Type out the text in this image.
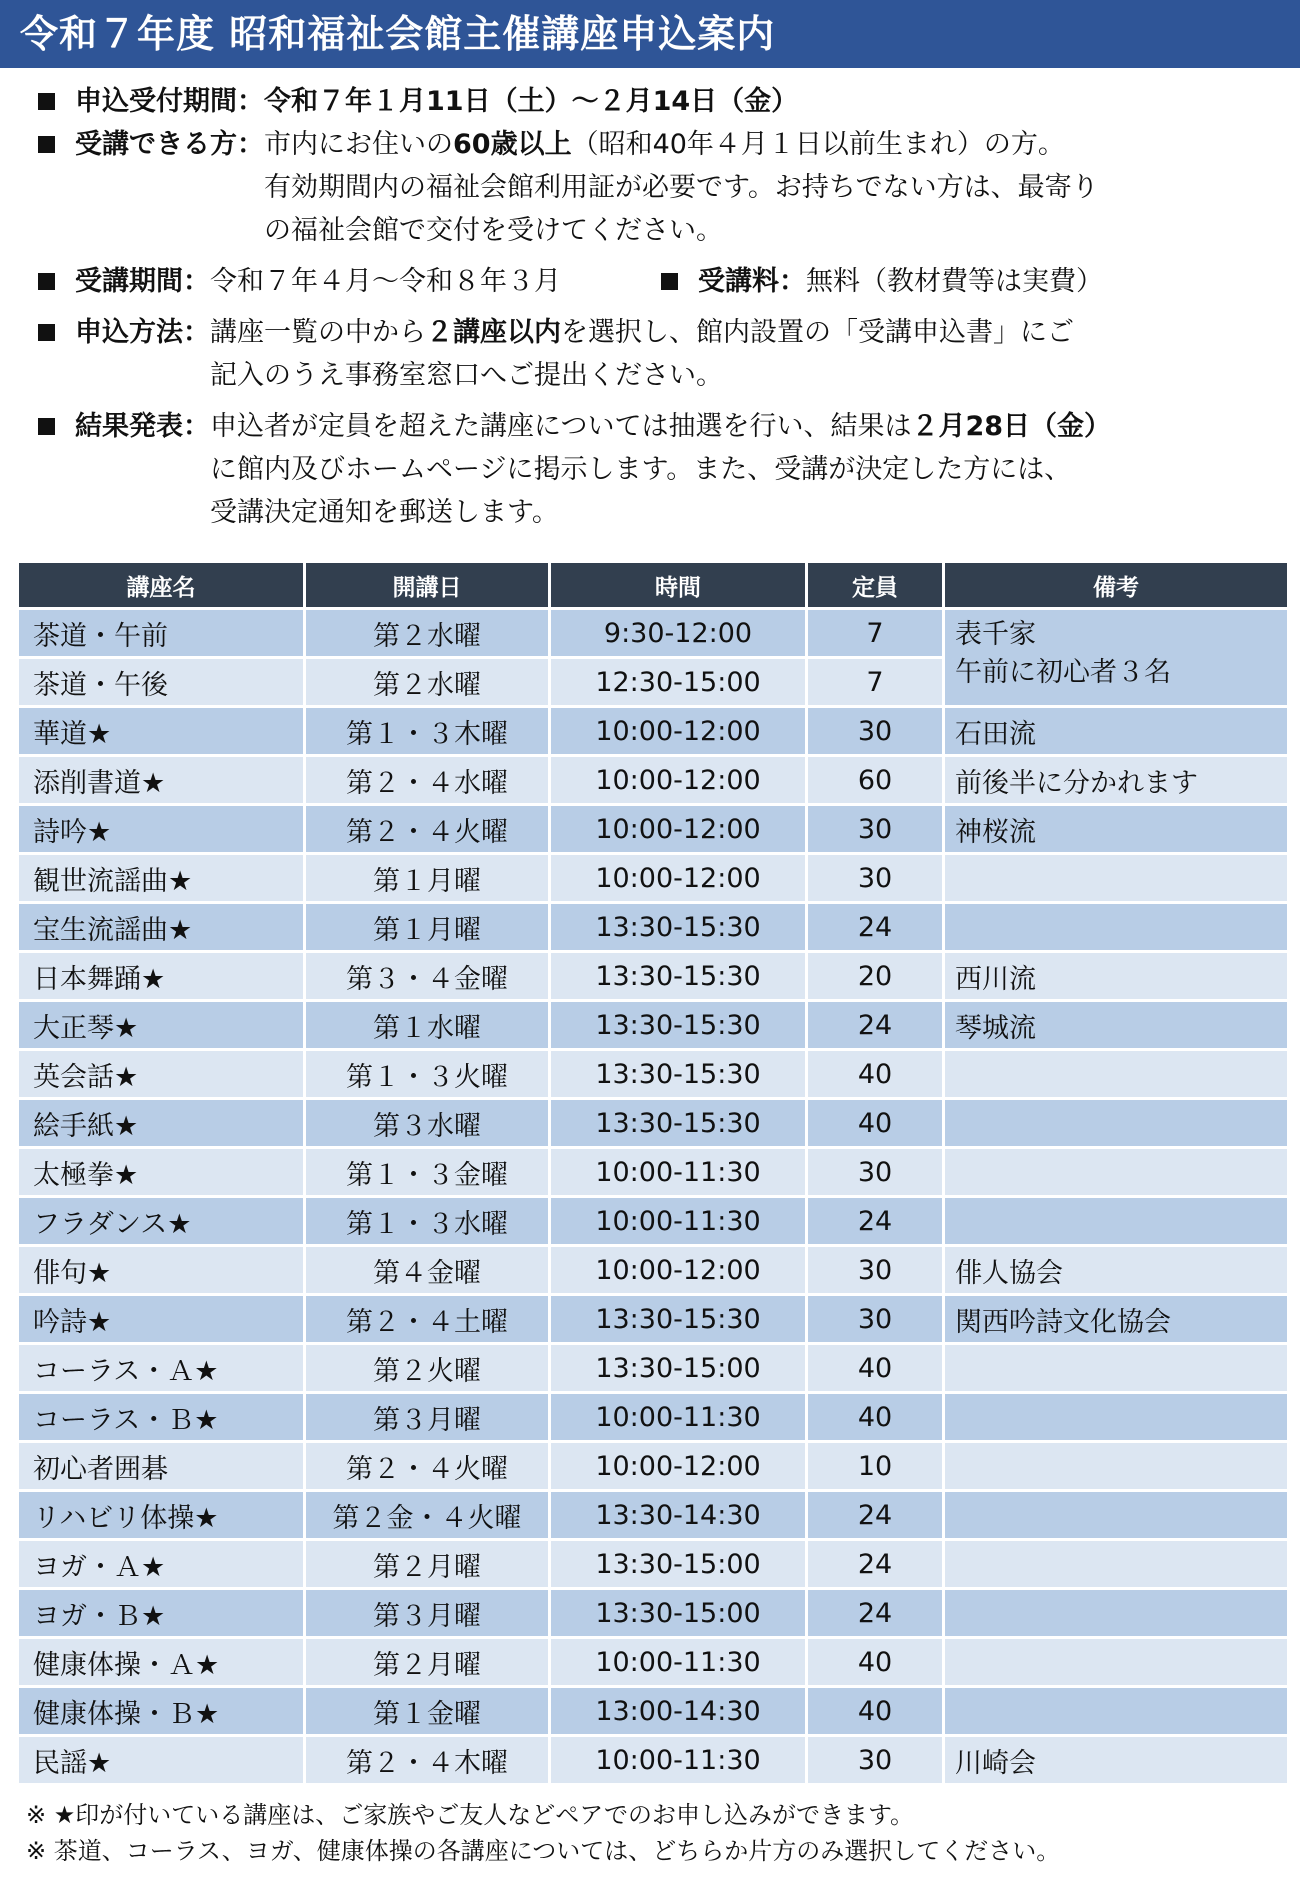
令和７年度 昭和福祉会館主催講座申込案内
申込受付期間： 令和７年１月11日（土）～２月14日（金）
受講できる方： 市内にお住いの60歳以上（昭和40年４月１日以前生まれ）の方。
有効期間内の福祉会館利用証が必要です。お持ちでない方は、最寄り
の福祉会館で交付を受けてください。
受講期間： 令和７年４月～令和８年３月	受講料： 無料（教材費等は実費）
申込方法： 講座一覧の中から２講座以内を選択し、館内設置の「受講申込書」にご
記入のうえ事務室窓口へご提出ください。
結果発表： 申込者が定員を超えた講座については抽選を行い、結果は２月28日（金）
に館内及びホームページに掲示します。また、受講が決定した方には、
受講決定通知を郵送します。
講座名	開講日	時間	定員	備考
茶道・午前	第２水曜	9:30-12:00	7	表千家
午前に初心者３名

茶道・午後	第２水曜	12:30-15:00	7	
華道★	第１・３木曜	10:00-12:00	30	石田流
添削書道★	第２・４水曜	10:00-12:00	60	前後半に分かれます
詩吟★	第２・４火曜	10:00-12:00	30	神桜流
観世流謡曲★	第１月曜	10:00-12:00	30	
宝生流謡曲★	第１月曜	13:30-15:30	24	
日本舞踊★	第３・４金曜	13:30-15:30	20	西川流
大正琴★	第１水曜	13:30-15:30	24	琴城流
英会話★	第１・３火曜	13:30-15:30	40	
絵手紙★	第３水曜	13:30-15:30	40	
太極拳★	第１・３金曜	10:00-11:30	30	
フラダンス★	第１・３水曜	10:00-11:30	24	
俳句★	第４金曜	10:00-12:00	30	俳人協会
吟詩★	第２・４土曜	13:30-15:30	30	関西吟詩文化協会
コーラス・Ａ★	第２火曜	13:30-15:00	40	
コーラス・Ｂ★	第３月曜	10:00-11:30	40	
初心者囲碁	第２・４火曜	10:00-12:00	10	
リハビリ体操★	第２金・４火曜	13:30-14:30	24	
ヨガ・Ａ★	第２月曜	13:30-15:00	24	
ヨガ・Ｂ★	第３月曜	13:30-15:00	24	
健康体操・Ａ★	第２月曜	10:00-11:30	40	
健康体操・Ｂ★	第１金曜	13:00-14:30	40	
民謡★	第２・４木曜	10:00-11:30	30	川崎会
※ ★印が付いている講座は、ご家族やご友人などペアでのお申し込みができます。
※ 茶道、コーラス、ヨガ、健康体操の各講座については、どちらか片方のみ選択してください。
